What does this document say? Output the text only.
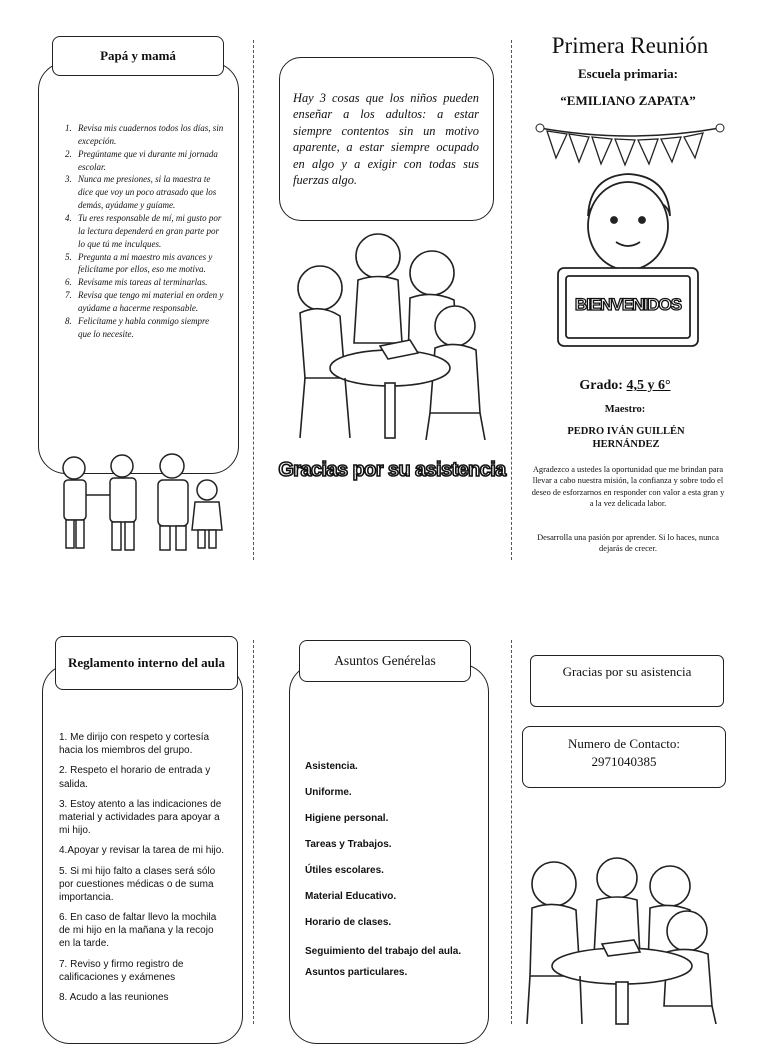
Papá y mamá
1. Revisa mis cuadernos todos los días, sin excepción.
2. Pregúntame que vi durante mi jornada escolar.
3. Nunca me presiones, si la maestra te dice que voy un poco atrasado que los demás, ayúdame y guíame.
4. Tu eres responsable de mí, mi gusto por la lectura dependerá en gran parte por lo que tú me inculques.
5. Pregunta a mi maestro mis avances y felicítame por ellos, eso me motiva.
6. Revísame mis tareas al terminarlas.
7. Revisa que tengo mi material en orden y ayúdame a hacerme responsable.
8. Felicítame y habla conmigo siempre que lo necesite.
Hay 3 cosas que los niños pueden enseñar a los adultos: a estar siempre contentos sin un motivo aparente, a estar siempre ocupado en algo y a exigir con todas sus fuerzas algo.
Gracias por su asistencia
Primera Reunión
Escuela primaria:
“EMILIANO ZAPATA”
BIENVENIDOS
Grado: 4,5 y 6°
Maestro:
PEDRO IVÁN GUILLÉN HERNÁNDEZ
Agradezco a ustedes la oportunidad que me brindan para llevar a cabo nuestra misión, la confianza y sobre todo el deseo de esforzarnos en responder con valor a esta gran y a la vez delicada labor.
Desarrolla una pasión por aprender. Si lo haces, nunca dejarás de crecer.
Reglamento interno del aula
1. Me dirijo con respeto y cortesía hacia los miembros del grupo.
2. Respeto el horario de entrada y salida.
3. Estoy atento a las indicaciones de material y actividades para apoyar a mi hijo.
4.Apoyar y revisar la tarea de mi hijo.
5. Si mi hijo falto a clases será sólo por cuestiones médicas o de suma importancia.
6. En caso de faltar llevo la mochila de mi hijo en la mañana y la recojo en la tarde.
7. Reviso y firmo registro de calificaciones y exámenes
8. Acudo a las reuniones
Asuntos Genérelas
Asistencia.
Uniforme.
Higiene personal.
Tareas y Trabajos.
Útiles escolares.
Material Educativo.
Horario de clases.
Seguimiento del trabajo del aula.
Asuntos particulares.
Gracias por su asistencia
Numero de Contacto:
2971040385
